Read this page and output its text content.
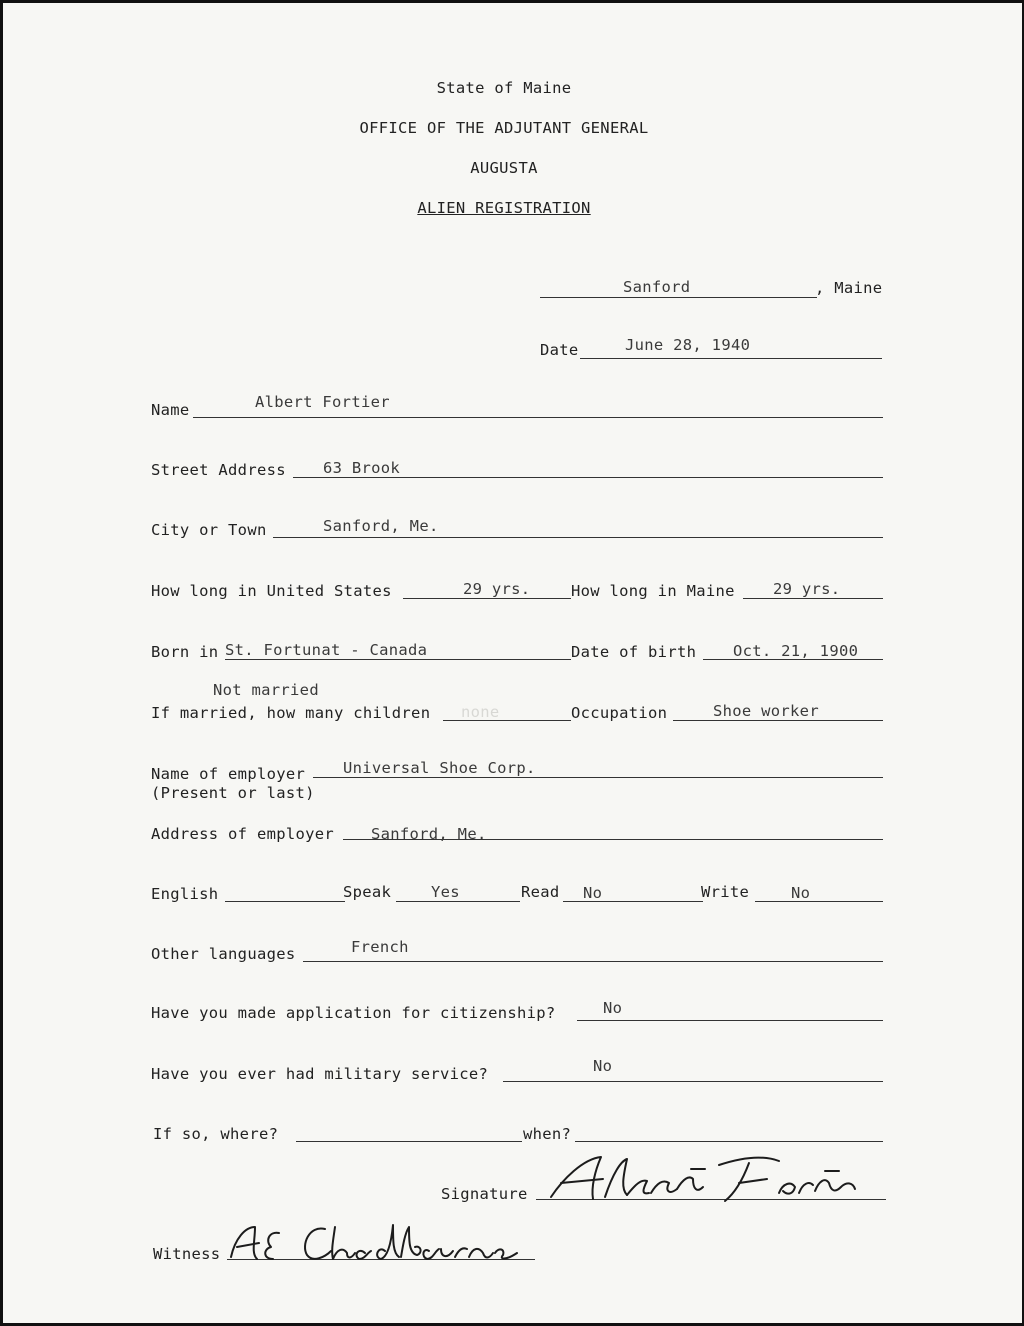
State of Maine
OFFICE OF THE ADJUTANT GENERAL
AUGUSTA
ALIEN REGISTRATION
Sanford	, Maine
Date	June 28, 1940
Name	Albert Fortier
Street Address 63 Brook
City or Town	Sanford, Me.
How long in United States	29 yrs.	How long in Maine 29 yrs.
Born in St. Fortunat - Canada	Date of birth Oct. 21, 1900
Not married
If married, how many children none	Occupation	Shoe worker
Name of employer
(Present or last)
Universal Shoe Corp.
Address of employer Sanford, Me.
English	Speak	Yes	Read No	Write	No
Other languages	French
Have you made application for citizenship?	No
Have you ever had military service?	No
If so, where?	when?
Signature
Witness
